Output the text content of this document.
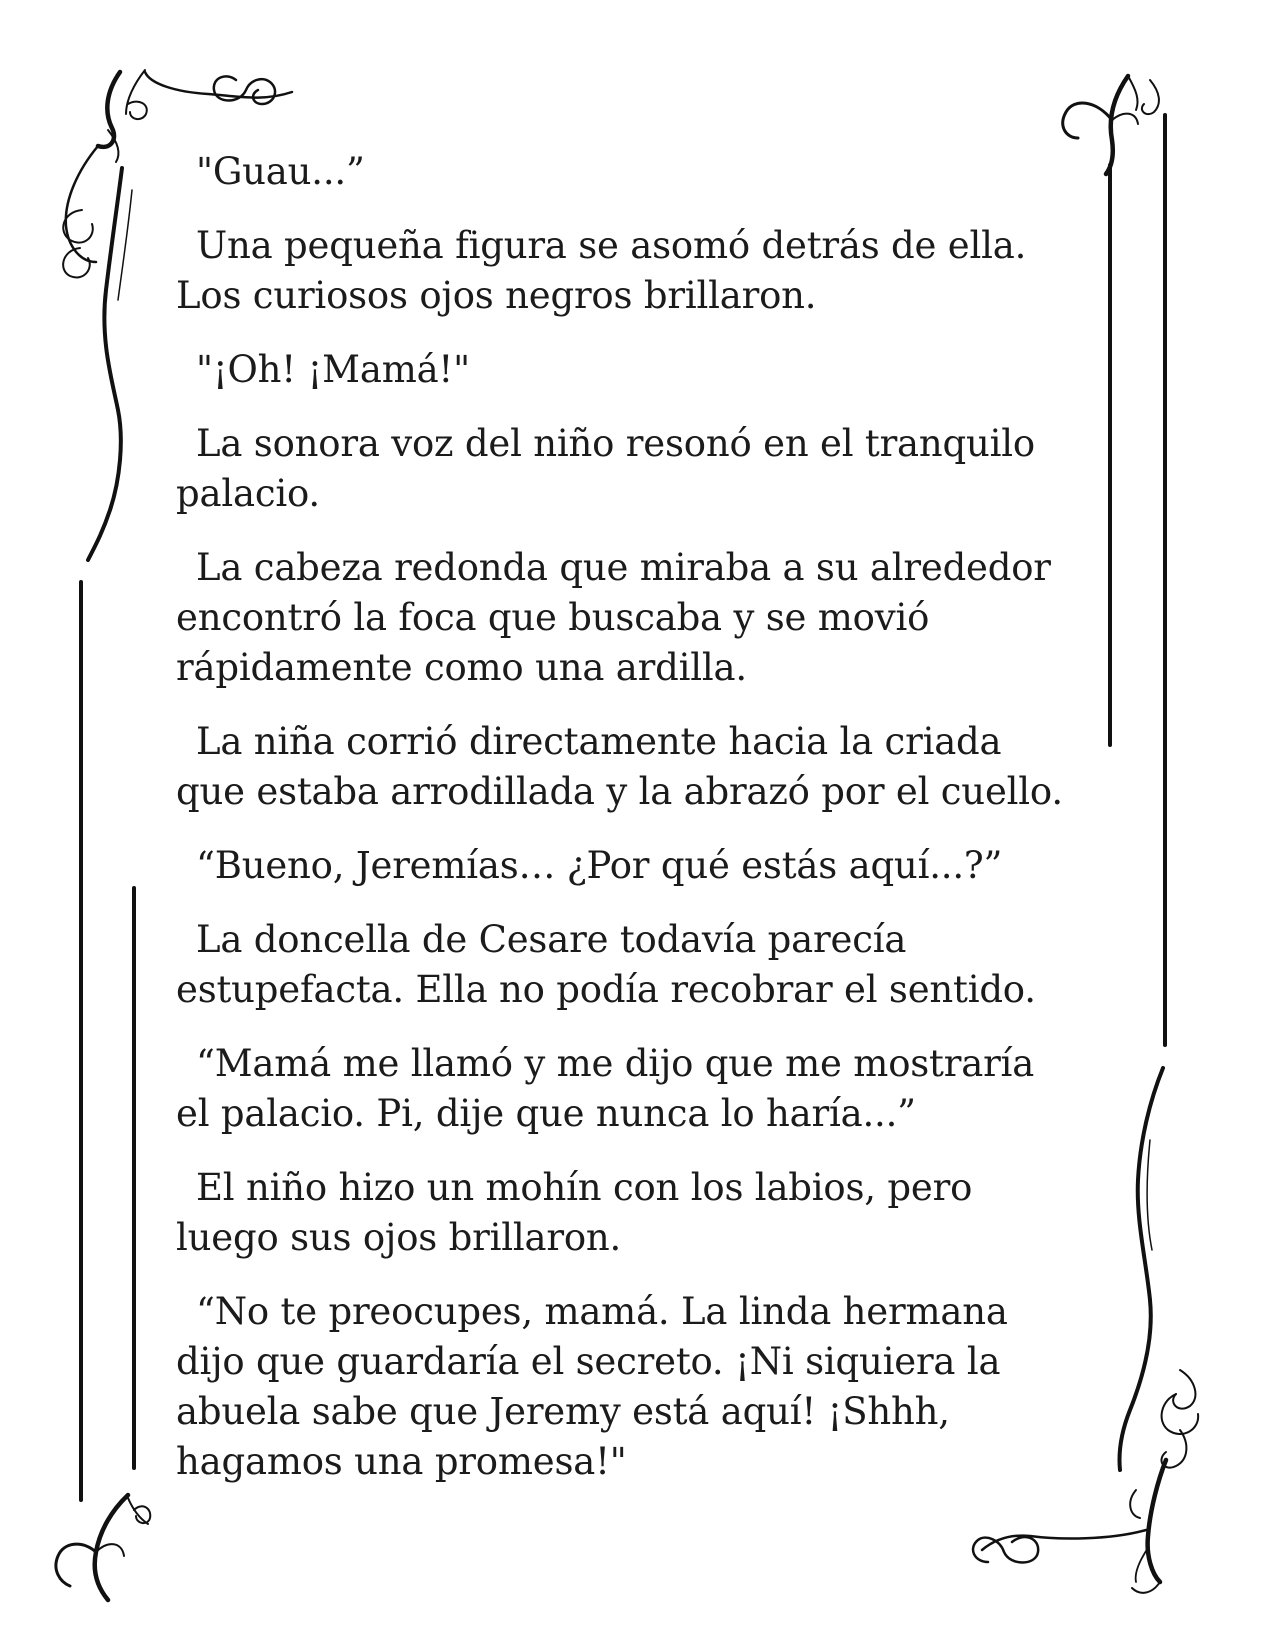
"Guau...”

Una pequeña figura se asomó detrás de ella.
Los curiosos ojos negros brillaron.

"¡Oh! ¡Mamá!"

La sonora voz del niño resonó en el tranquilo
palacio.

La cabeza redonda que miraba a su alrededor
encontró la foca que buscaba y se movió
rápidamente como una ardilla.

La niña corrió directamente hacia la criada
que estaba arrodillada y la abrazó por el cuello.

“Bueno, Jeremías… ¿Por qué estás aquí...?”

La doncella de Cesare todavía parecía
estupefacta. Ella no podía recobrar el sentido.

“Mamá me llamó y me dijo que me mostraría
el palacio. Pi, dije que nunca lo haría...”

El niño hizo un mohín con los labios, pero
luego sus ojos brillaron.

“No te preocupes, mamá. La linda hermana
dijo que guardaría el secreto. ¡Ni siquiera la
abuela sabe que Jeremy está aquí! ¡Shhh,
hagamos una promesa!"
